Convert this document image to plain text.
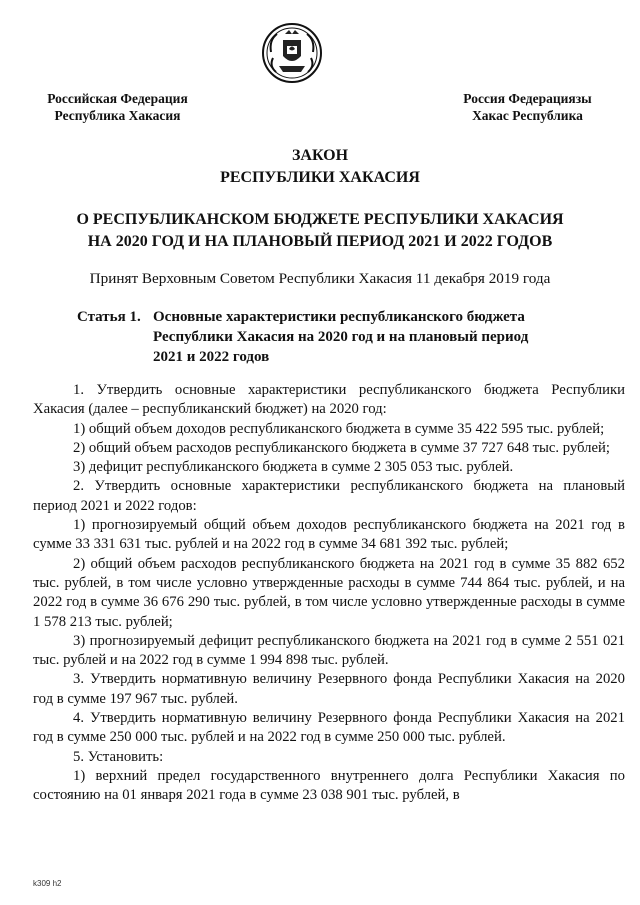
Российская Федерация
Республика Хакасия
Россия Федерациязы
Хакас Республика
ЗАКОН
РЕСПУБЛИКИ ХАКАСИЯ
О РЕСПУБЛИКАНСКОМ БЮДЖЕТЕ РЕСПУБЛИКИ ХАКАСИЯ
НА 2020 ГОД И НА ПЛАНОВЫЙ ПЕРИОД 2021 И 2022 ГОДОВ
Принят Верховным Советом Республики Хакасия 11 декабря 2019 года
Статья 1. Основные характеристики республиканского бюджета
Республики Хакасия на 2020 год и на плановый период
2021 и 2022 годов

1. Утвердить основные характеристики республиканского бюджета Республики Хакасия (далее – республиканский бюджет) на 2020 год:

1) общий объем доходов республиканского бюджета в сумме 35 422 595 тыс. рублей;

2) общий объем расходов республиканского бюджета в сумме 37 727 648 тыс. рублей;

3) дефицит республиканского бюджета в сумме 2 305 053 тыс. рублей.

2. Утвердить основные характеристики республиканского бюджета на плановый период 2021 и 2022 годов:

1) прогнозируемый общий объем доходов республиканского бюджета на 2021 год в сумме 33 331 631 тыс. рублей и на 2022 год в сумме 34 681 392 тыс. рублей;

2) общий объем расходов республиканского бюджета на 2021 год в сумме 35 882 652 тыс. рублей, в том числе условно утвержденные расходы в сумме 744 864 тыс. рублей, и на 2022 год в сумме 36 676 290 тыс. рублей, в том числе условно утвержденные расходы в сумме 1 578 213 тыс. рублей;

3) прогнозируемый дефицит республиканского бюджета на 2021 год в сумме 2 551 021 тыс. рублей и на 2022 год в сумме 1 994 898 тыс. рублей.

3. Утвердить нормативную величину Резервного фонда Республики Хакасия на 2020 год в сумме 197 967 тыс. рублей.

4. Утвердить нормативную величину Резервного фонда Республики Хакасия на 2021 год в сумме 250 000 тыс. рублей и на 2022 год в сумме 250 000 тыс. рублей.

5. Установить:

1) верхний предел государственного внутреннего долга Республики Хакасия по состоянию на 01 января 2021 года в сумме 23 038 901 тыс. рублей, в

k309 h2
